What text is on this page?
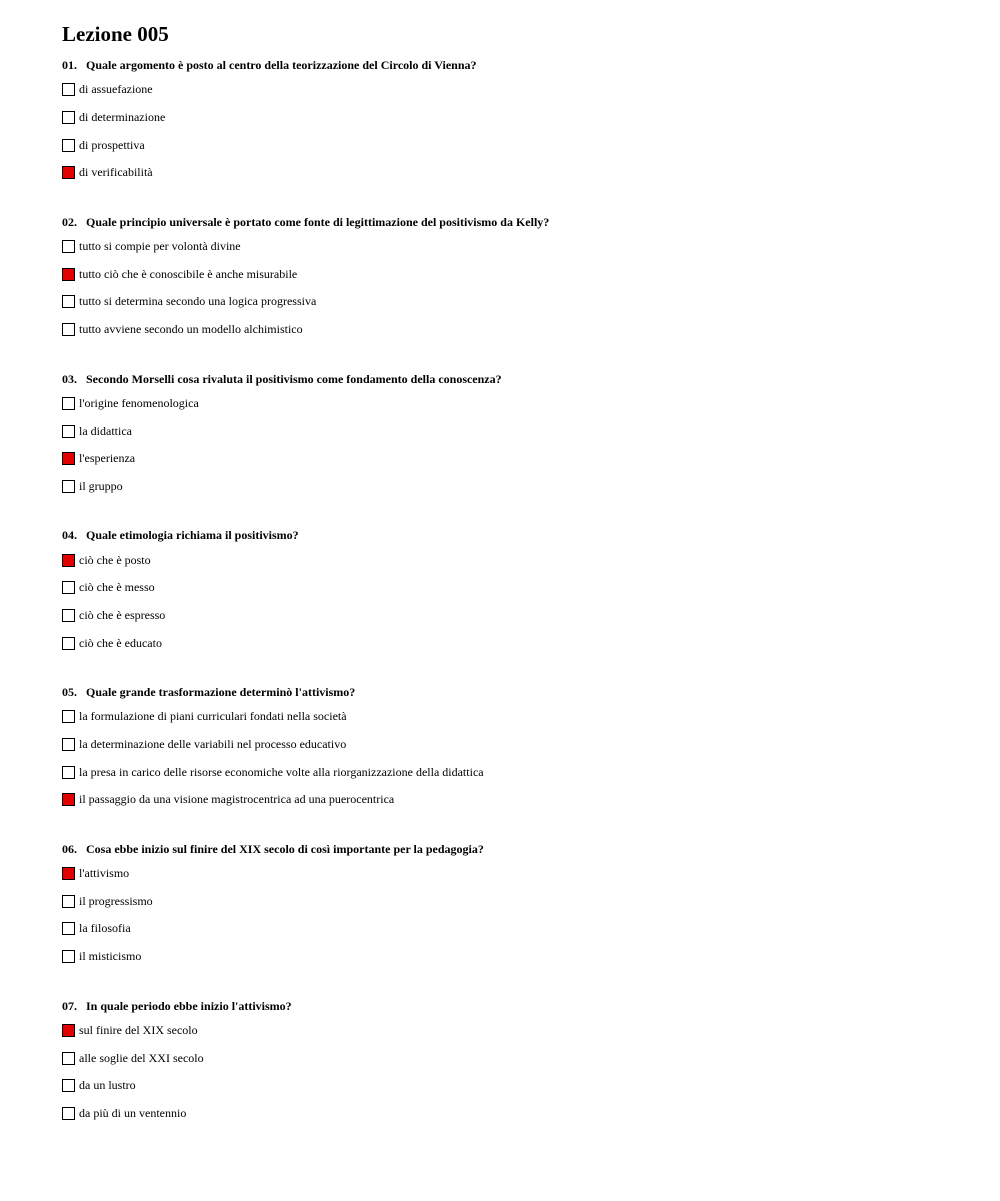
Lezione 005
01. Quale argomento è posto al centro della teorizzazione del Circolo di Vienna?
di assuefazione
di determinazione
di prospettiva
di verificabilità
02. Quale principio universale è portato come fonte di legittimazione del positivismo da Kelly?
tutto si compie per volontà divine
tutto ciò che è conoscibile è anche misurabile
tutto si determina secondo una logica progressiva
tutto avviene secondo un modello alchimistico
03. Secondo Morselli cosa rivaluta il positivismo come fondamento della conoscenza?
l'origine fenomenologica
la didattica
l'esperienza
il gruppo
04. Quale etimologia richiama il positivismo?
ciò che è posto
ciò che è messo
ciò che è espresso
ciò che è educato
05. Quale grande trasformazione determinò l'attivismo?
la formulazione di piani curriculari fondati nella società
la determinazione delle variabili nel processo educativo
la presa in carico delle risorse economiche volte alla riorganizzazione della didattica
il passaggio da una visione magistrocentrica ad una puerocentrica
06. Cosa ebbe inizio sul finire del XIX secolo di così importante per la pedagogia?
l'attivismo
il progressismo
la filosofia
il misticismo
07. In quale periodo ebbe inizio l'attivismo?
sul finire del XIX secolo
alle soglie del XXI secolo
da un lustro
da più di un ventennio
